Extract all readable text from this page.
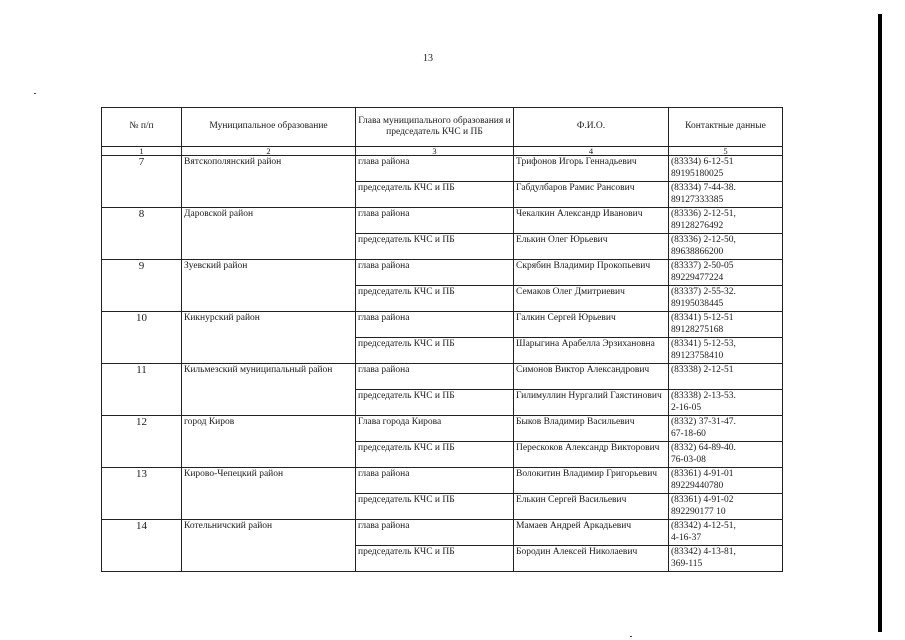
13
№ п/п	Муниципальное образование	Глава муниципального образования и председатель КЧС и ПБ	Ф.И.О.	Контактные данные
1	2	3	4	5
7	Вятскополянский район	глава района	Трифонов Игорь Геннадьевич	(83334) 6-12-51
89195180025
		председатель КЧС и ПБ	Габдулбаров Рамис Рансович	(83334) 7-44-38.
89127333385
8	Даровской район	глава района	Чекалкин Александр Иванович	(83336) 2-12-51,
89128276492
		председатель КЧС и ПБ	Елькин Олег Юрьевич	(83336) 2-12-50,
89638866200
9	Зуевский район	глава района	Скрябин Владимир Прокопьевич	(83337) 2-50-05
89229477224
		председатель КЧС и ПБ	Семаков Олег Дмитриевич	(83337) 2-55-32.
89195038445
10	Кикнурский район	глава района	Галкин Сергей Юрьевич	(83341) 5-12-51
89128275168
		председатель КЧС и ПБ	Шарыгина Арабелла Эрзихановна	(83341) 5-12-53,
89123758410
11	Кильмезский муниципальный район	глава района	Симонов Виктор Александрович	(83338) 2-12-51
		председатель КЧС и ПБ	Гилимуллин Нургалий Гаястинович	(83338) 2-13-53.
2-16-05
12	город Киров	Глава города Кирова	Быков Владимир Васильевич	(8332) 37-31-47.
67-18-60
		председатель КЧС и ПБ	Перескоков Александр Викторович	(8332) 64-89-40.
76-03-08
13	Кирово-Чепецкий район	глава района	Волокитин Владимир Григорьевич	(83361) 4-91-01
89229440780
		председатель КЧС и ПБ	Елькин Сергей Васильевич	(83361) 4-91-02
892290177 10
14	Котельничский район	глава района	Мамаев Андрей Аркадьевич	(83342) 4-12-51,
4-16-37
		председатель КЧС и ПБ	Бородин Алексей Николаевич	(83342) 4-13-81,
369-115
